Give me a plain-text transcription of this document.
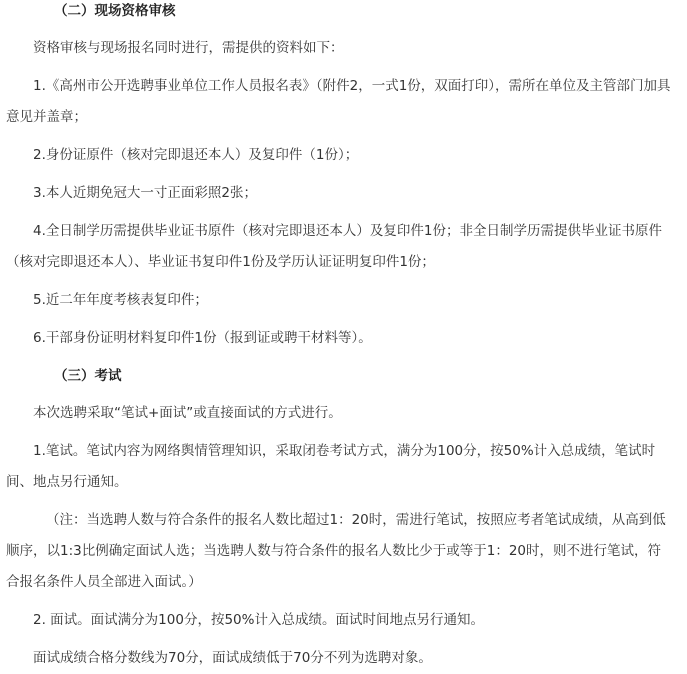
（二）现场资格审核

资格审核与现场报名同时进行，需提供的资料如下：

1.《高州市公开选聘事业单位工作人员报名表》（附件2，一式1份，双面打印），需所在单位及主管部门加具意见并盖章；

2.身份证原件（核对完即退还本人）及复印件（1份）；

3.本人近期免冠大一寸正面彩照2张；

4.全日制学历需提供毕业证书原件（核对完即退还本人）及复印件1份；非全日制学历需提供毕业证书原件（核对完即退还本人）、毕业证书复印件1份及学历认证证明复印件1份；

5.近二年年度考核表复印件；

6.干部身份证明材料复印件1份（报到证或聘干材料等）。

（三）考试

本次选聘采取“笔试+面试”或直接面试的方式进行。

1.笔试。笔试内容为网络舆情管理知识，采取闭卷考试方式，满分为100分，按50%计入总成绩，笔试时间、地点另行通知。

（注：当选聘人数与符合条件的报名人数比超过1：20时，需进行笔试，按照应考者笔试成绩，从高到低顺序，以1:3比例确定面试人选；当选聘人数与符合条件的报名人数比少于或等于1：20时，则不进行笔试，符合报名条件人员全部进入面试。）

2. 面试。面试满分为100分，按50%计入总成绩。面试时间地点另行通知。

面试成绩合格分数线为70分，面试成绩低于70分不列为选聘对象。
